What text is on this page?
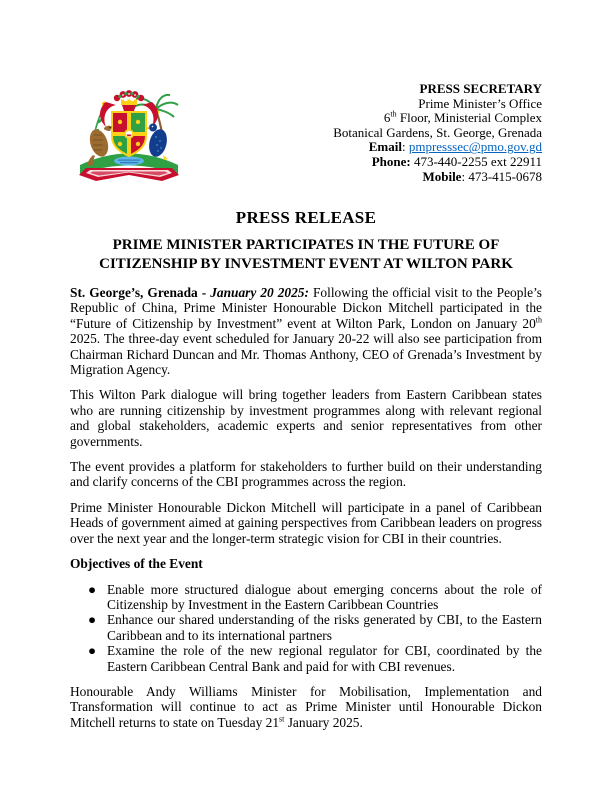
PRESS SECRETARY
Prime Minister’s Office
6th Floor, Ministerial Complex
Botanical Gardens, St. George, Grenada
Email: pmpresssec@pmo.gov.gd
Phone: 473-440-2255 ext 22911
Mobile: 473-415-0678
PRESS RELEASE
PRIME MINISTER PARTICIPATES IN THE FUTURE OF CITIZENSHIP BY INVESTMENT EVENT AT WILTON PARK

St. George’s, Grenada - January 20 2025: Following the official visit to the People’s Republic of China, Prime Minister Honourable Dickon Mitchell participated in the “Future of Citizenship by Investment” event at Wilton Park, London on January 20th 2025. The three-day event scheduled for January 20-22 will also see participation from Chairman Richard Duncan and Mr. Thomas Anthony, CEO of Grenada’s Investment by Migration Agency.

This Wilton Park dialogue will bring together leaders from Eastern Caribbean states who are running citizenship by investment programmes along with relevant regional and global stakeholders, academic experts and senior representatives from other governments.

The event provides a platform for stakeholders to further build on their understanding and clarify concerns of the CBI programmes across the region.

Prime Minister Honourable Dickon Mitchell will participate in a panel of Caribbean Heads of government aimed at gaining perspectives from Caribbean leaders on progress over the next year and the longer-term strategic vision for CBI in their countries.

Objectives of the Event

● Enable more structured dialogue about emerging concerns about the role of Citizenship by Investment in the Eastern Caribbean Countries
● Enhance our shared understanding of the risks generated by CBI, to the Eastern Caribbean and to its international partners
● Examine the role of the new regional regulator for CBI, coordinated by the Eastern Caribbean Central Bank and paid for with CBI revenues.

Honourable Andy Williams Minister for Mobilisation, Implementation and Transformation will continue to act as Prime Minister until Honourable Dickon Mitchell returns to state on Tuesday 21st January 2025.
